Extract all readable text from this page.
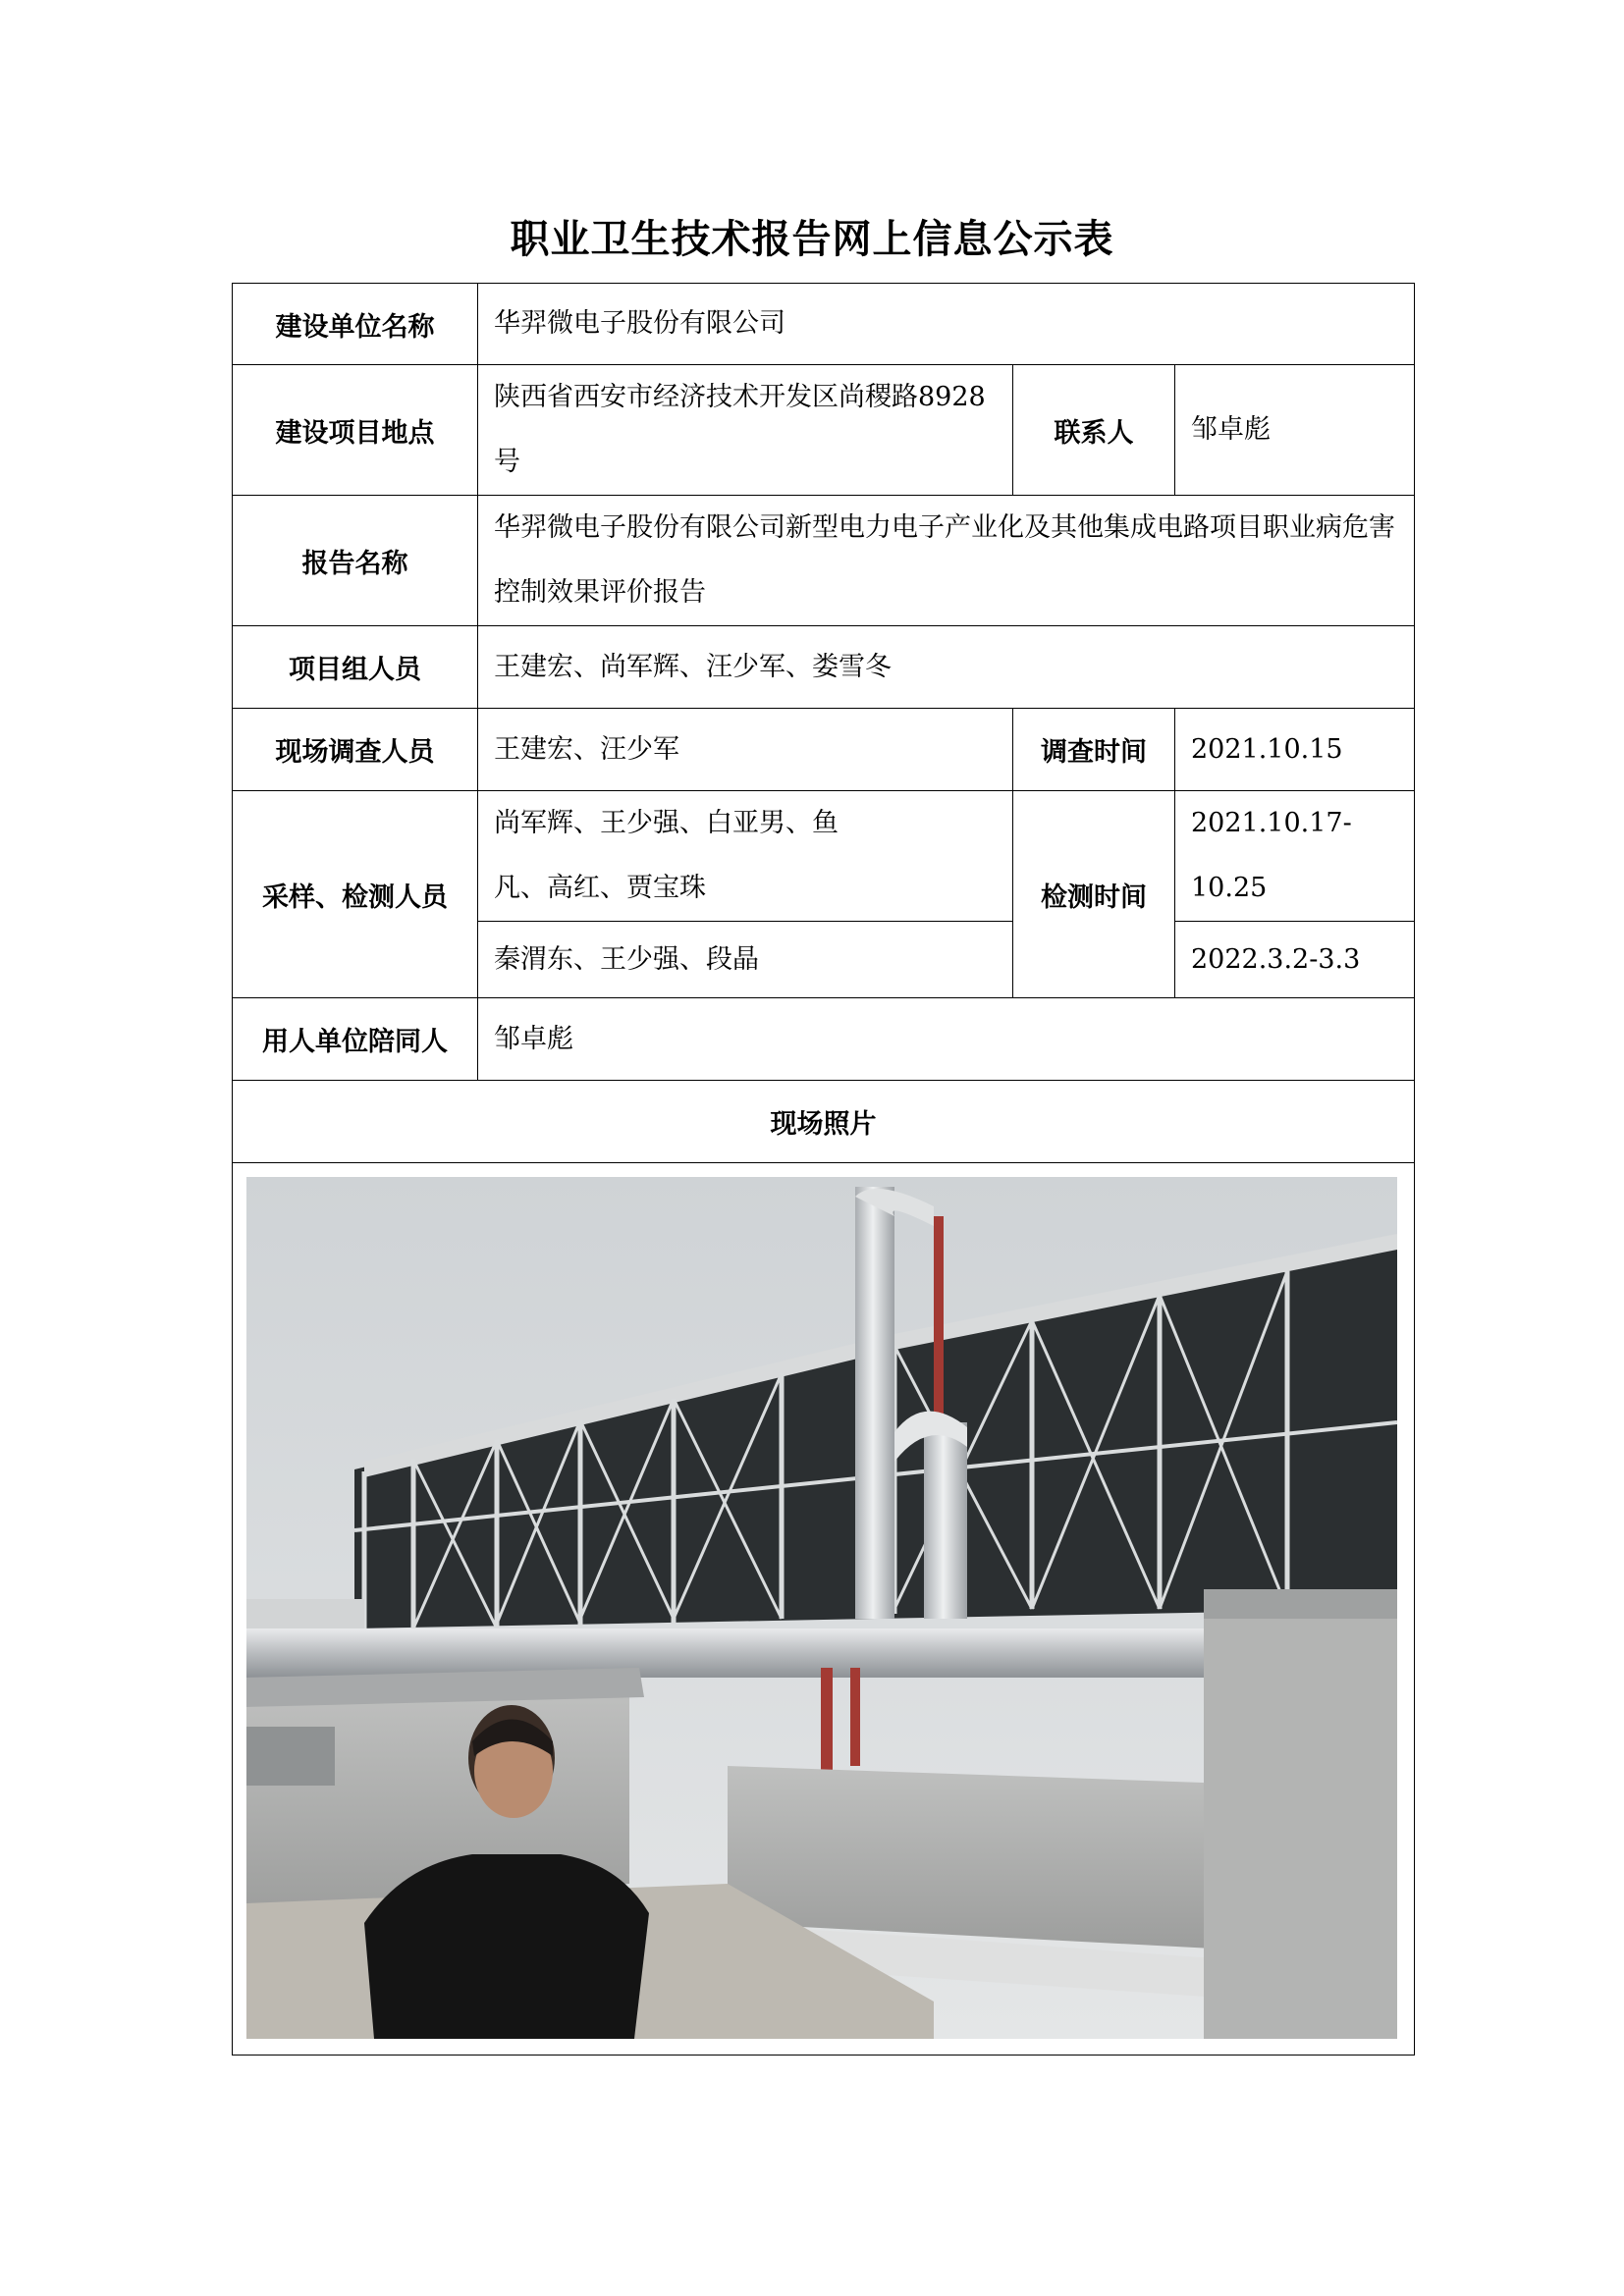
职业卫生技术报告网上信息公示表
建设单位名称	华羿微电子股份有限公司		
建设项目地点	陕西省西安市经济技术开发区尚稷路8928号	联系人	邹卓彪
报告名称	华羿微电子股份有限公司新型电力电子产业化及其他集成电路项目职业病危害控制效果评价报告		
项目组人员	王建宏、尚军辉、汪少军、娄雪冬		
现场调查人员	王建宏、汪少军	调查时间	2021.10.15
采样、检测人员	尚军辉、王少强、白亚男、鱼凡、高红、贾宝珠	检测时间	2021.10.17-10.25
	秦渭东、王少强、段晶		2022.3.2-3.3
用人单位陪同人	邹卓彪		
现场照片			
